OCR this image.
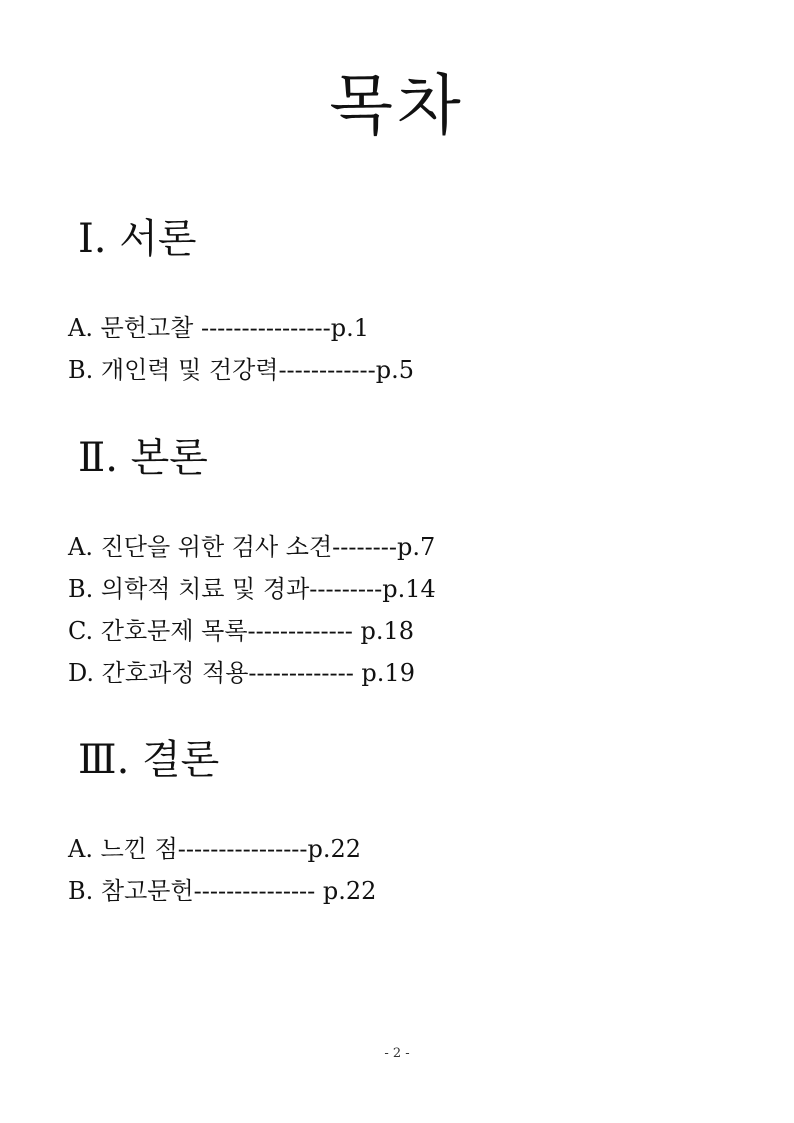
목차
Ⅰ. 서론
A. 문헌고찰 ----------------p.1
B. 개인력 및 건강력------------p.5
Ⅱ. 본론
A. 진단을 위한 검사 소견--------p.7
B. 의학적 치료 및 경과---------p.14
C. 간호문제 목록------------- p.18
D. 간호과정 적용------------- p.19
Ⅲ. 결론
A. 느낀 점----------------p.22
B. 참고문헌--------------- p.22
- 2 -
